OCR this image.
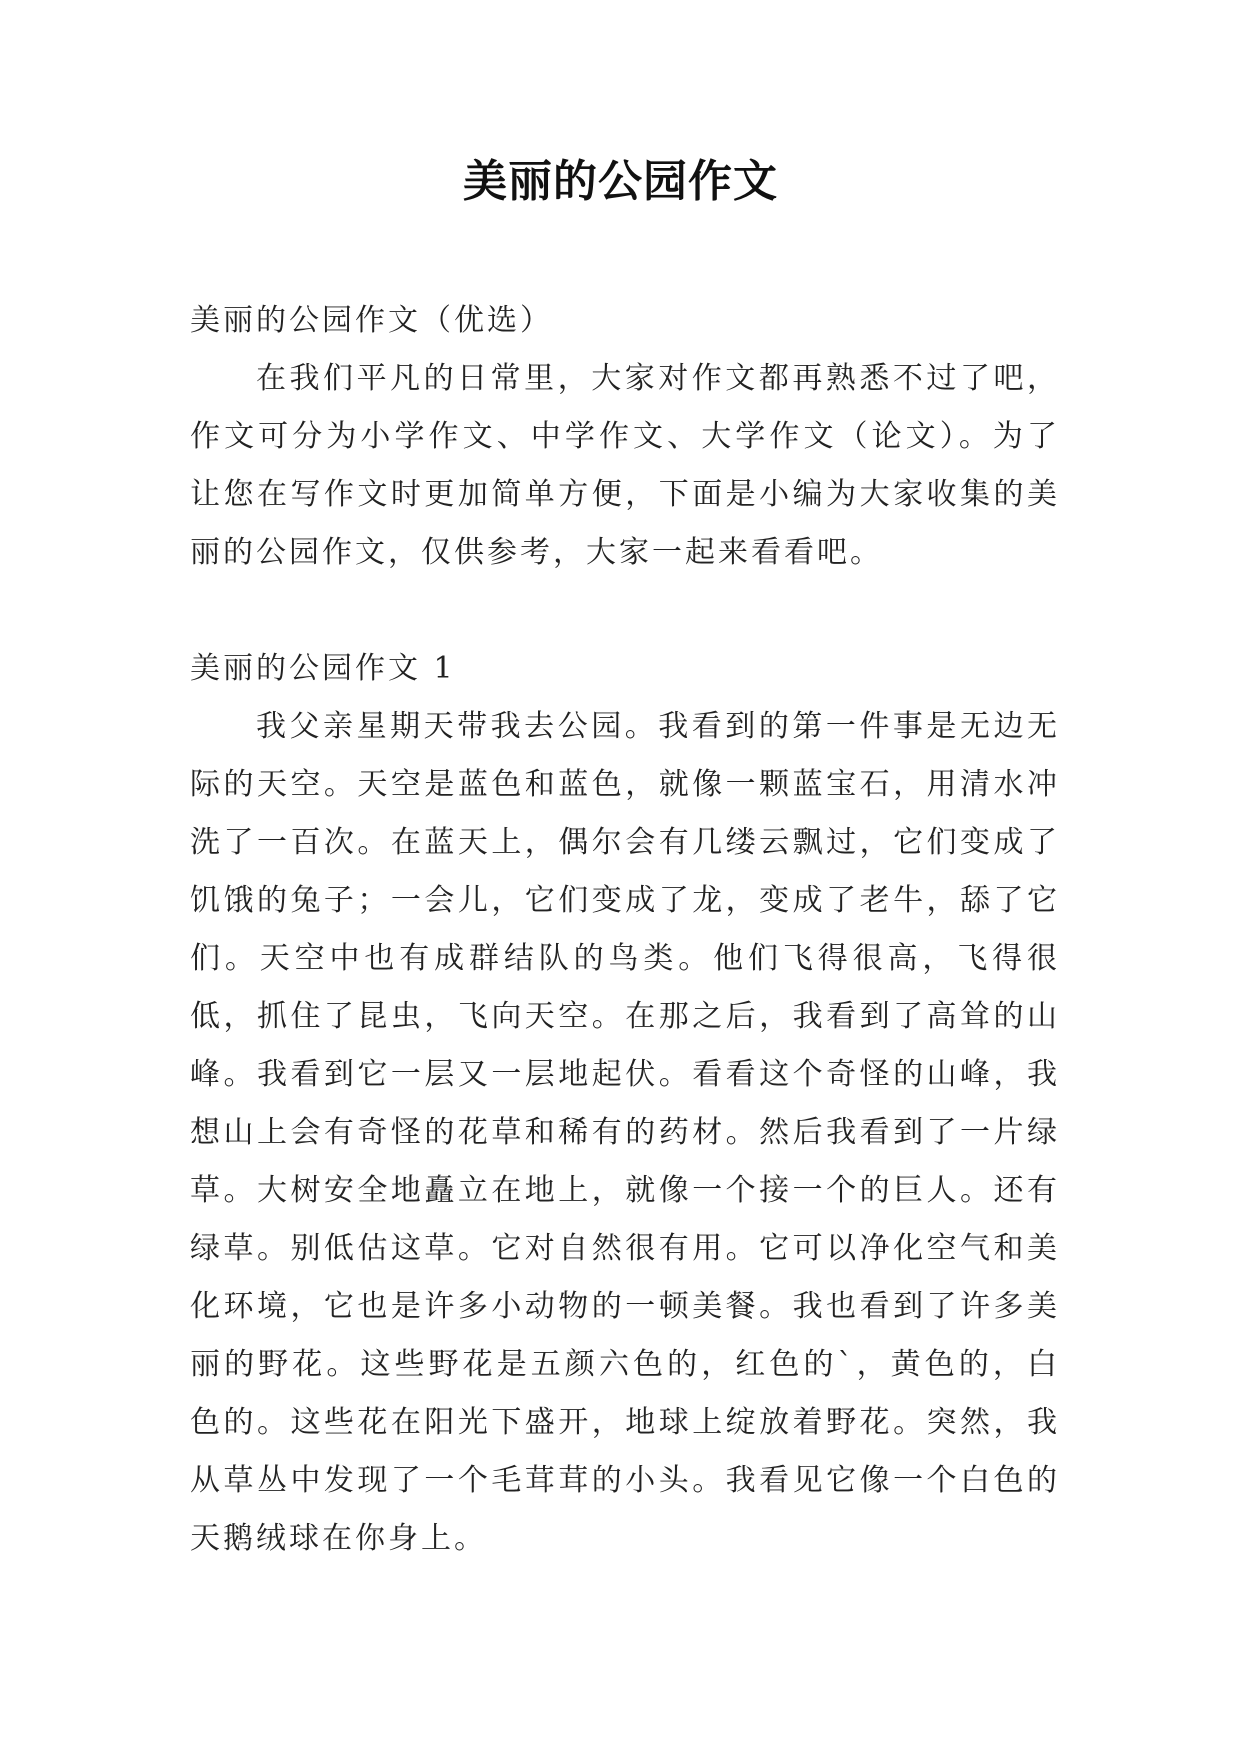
美丽的公园作文
美丽的公园作文（优选）

在我们平凡的日常里，大家对作文都再熟悉不过了吧，作文可分为小学作文、中学作文、大学作文（论文）。为了让您在写作文时更加简单方便，下面是小编为大家收集的美丽的公园作文，仅供参考，大家一起来看看吧。

美丽的公园作文 1

我父亲星期天带我去公园。我看到的第一件事是无边无际的天空。天空是蓝色和蓝色，就像一颗蓝宝石，用清水冲洗了一百次。在蓝天上，偶尔会有几缕云飘过，它们变成了饥饿的兔子；一会儿，它们变成了龙，变成了老牛，舔了它们。天空中也有成群结队的鸟类。他们飞得很高，飞得很低，抓住了昆虫，飞向天空。在那之后，我看到了高耸的山峰。我看到它一层又一层地起伏。看看这个奇怪的山峰，我想山上会有奇怪的花草和稀有的药材。然后我看到了一片绿草。大树安全地矗立在地上，就像一个接一个的巨人。还有绿草。别低估这草。它对自然很有用。它可以净化空气和美化环境，它也是许多小动物的一顿美餐。我也看到了许多美丽的野花。这些野花是五颜六色的，红色的`，黄色的，白色的。这些花在阳光下盛开，地球上绽放着野花。突然，我从草丛中发现了一个毛茸茸的小头。我看见它像一个白色的天鹅绒球在你身上。
